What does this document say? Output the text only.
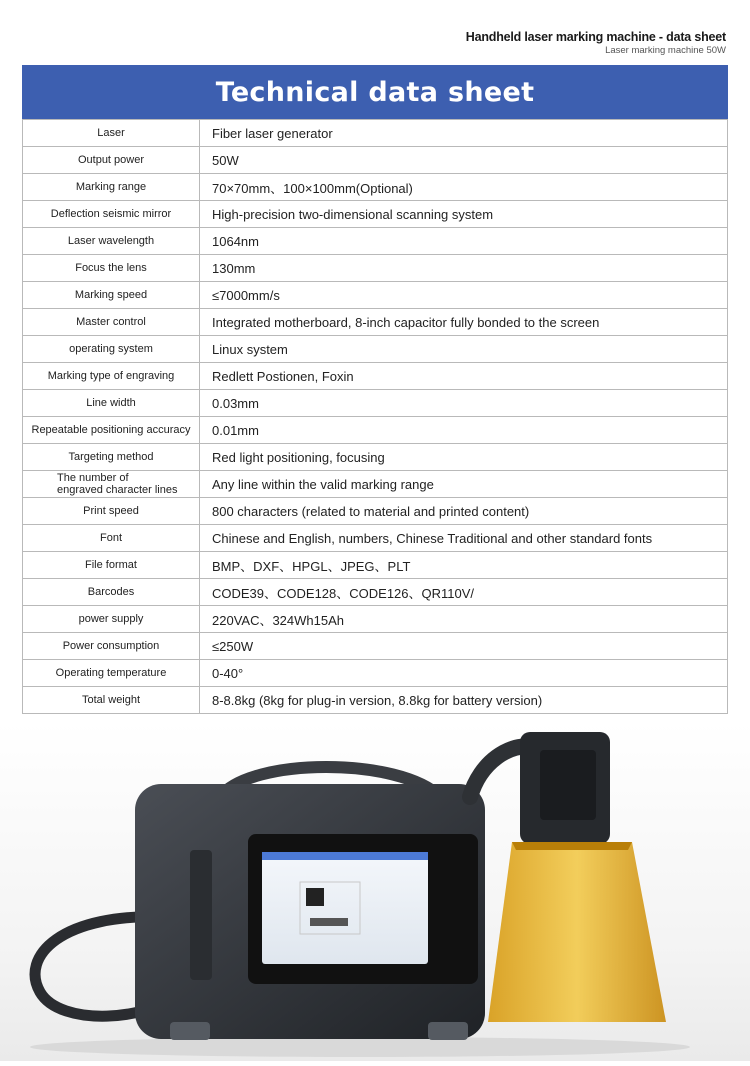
Handheld laser marking machine - data sheet
Laser marking machine 50W
Technical data sheet
Laser	Fiber laser generator
Output power	50W
Marking range	70×70mm、100×100mm(Optional)
Deflection seismic mirror	High-precision two-dimensional scanning system
Laser wavelength	1064nm
Focus the lens	130mm
Marking speed	≤7000mm/s
Master control	Integrated motherboard, 8-inch capacitor fully bonded to the screen
operating system	Linux system
Marking type of engraving	Redlett Postionen, Foxin
Line width	0.03mm
Repeatable positioning accuracy	0.01mm
Targeting method	Red light positioning, focusing
The number of
engraved character lines	Any line within the valid marking range
Print speed	800 characters (related to material and printed content)
Font	Chinese and English, numbers, Chinese Traditional and other standard fonts
File format	BMP、DXF、HPGL、JPEG、PLT
Barcodes	CODE39、CODE128、CODE126、QR110V/
power supply	220VAC、324Wh15Ah
Power consumption	≤250W
Operating temperature	0-40°
Total weight	8-8.8kg (8kg for plug-in version, 8.8kg for battery version)
